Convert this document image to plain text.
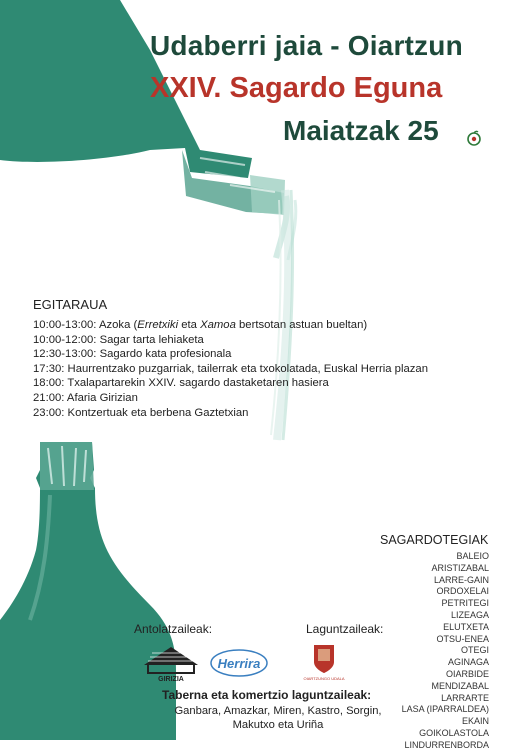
Udaberri jaia - Oiartzun
XXIV. Sagardo Eguna
Maiatzak 25
EGITARAUA
10:00-13:00: Azoka (Erretxiki eta Xamoa bertsotan astuan bueltan)
10:00-12:00: Sagar tarta lehiaketa
12:30-13:00: Sagardo kata profesionala
17:30: Haurrentzako puzgarriak, tailerrak eta txokolatada, Euskal Herria plazan
18:00: Txalapartarekin XXIV. sagardo dastaketaren hasiera
21:00: Afaria Girizian
23:00: Kontzertuak eta berbena Gaztetxian
SAGARDOTEGIAK
BALEIO
ARISTIZABAL
LARRE-GAIN
ORDOXELAI
PETRITEGI
LIZEAGA
ELUTXETA
OTSU-ENEA
OTEGI
AGINAGA
OIARBIDE
MENDIZABAL
LARRARTE
LASA (IPARRALDEA)
EKAIN
GOIKOLASTOLA
LINDURRENBORDA
Antolatzaileak:
GIRIZIA
Herrira
Laguntzaileak:
OIARTZUNGO UDALA
Taberna eta komertzio laguntzaileak:
Ganbara, Amazkar, Miren, Kastro, Sorgin, Makutxo eta Uriña
